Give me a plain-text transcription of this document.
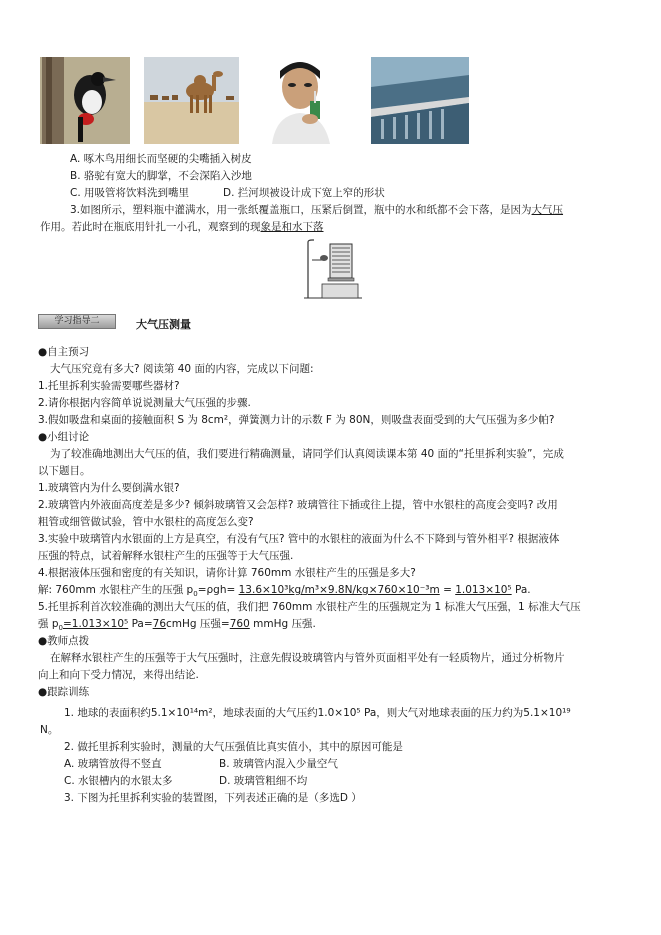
A. 啄木鸟用细长而坚硬的尖嘴插入树皮
B. 骆驼有宽大的脚掌，不会深陷入沙地
C. 用吸管将饮料洗到嘴里	D. 拦河坝被设计成下宽上窄的形状
3.如图所示，塑料瓶中灌满水，用一张纸覆盖瓶口，压紧后倒置，瓶中的水和纸都不会下落，是因为大气压
作用。若此时在瓶底用针扎一小孔，观察到的现象是和水下落
学习指导二	大气压测量
●自主预习
大气压究竟有多大? 阅读第 40 面的内容，完成以下问题:
1.托里拆利实验需要哪些器材?
2.请你根据内容简单说说测量大气压强的步骤.
3.假如吸盘和桌面的接触面积 S 为 8cm²，弹簧测力计的示数 F 为 80N，则吸盘表面受到的大气压强为多少帕?
●小组讨论
为了较准确地测出大气压的值，我们要进行精确测量，请同学们认真阅读课本第 40 面的“托里拆利实验”，完成
以下题目。
1.玻璃管内为什么要倒满水银?
2.玻璃管内外液面高度差是多少? 倾斜玻璃管又会怎样? 玻璃管往下插或往上提，管中水银柱的高度会变吗? 改用
粗管或细管做试验，管中水银柱的高度怎么变?
3.实验中玻璃管内水银面的上方是真空，有没有气压? 管中的水银柱的液面为什么不下降到与管外相平? 根据液体
压强的特点，试着解释水银柱产生的压强等于大气压强.
4.根据液体压强和密度的有关知识，请你计算 760mm 水银柱产生的压强是多大?
解: 760mm 水银柱产生的压强 $p_0=\rho gh= 13.6\times 10^3kg/m^3\times 9.8N/kg\times 760\times 10^{-3}m = 1.013\times 10^5$ Pa.
5.托里拆利首次较准确的测出大气压的值，我们把 760mm 水银柱产生的压强规定为 1 标准大气压强，1 标准大气压
强 $p_0=1.013\times 10^5$ Pa=76cmHg 压强=760 mmHg 压强.
●教师点拨
在解释水银柱产生的压强等于大气压强时，注意先假设玻璃管内与管外页面相平处有一轻质物片，通过分析物片
向上和向下受力情况，来得出结论.
●跟踪训练
1. 地球的表面积约5.1×10¹⁴m²，地球表面的大气压约1.0×10⁵ Pa，则大气对地球表面的压力约为5.1×10¹⁹
N。
2. 做托里拆利实验时，测量的大气压强值比真实值小，其中的原因可能是
A. 玻璃管放得不竖直	B. 玻璃管内混入少量空气
C. 水银槽内的水银太多	D. 玻璃管粗细不均
3. 下图为托里拆利实验的装置图，下列表述正确的是（多选D ）
